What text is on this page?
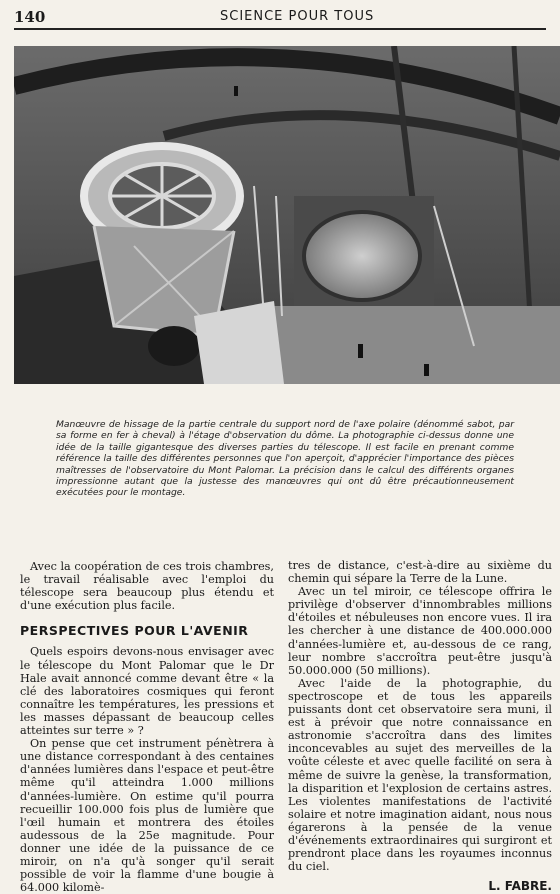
140	SCIENCE POUR TOUS
Manœuvre de hissage de la partie centrale du support nord de l'axe polaire (dénommé sabot, par sa forme en fer à cheval) à l'étage d'observation du dôme. La photographie ci-dessus donne une idée de la taille gigantesque des diverses parties du télescope. Il est facile en prenant comme référence la taille des différentes personnes que l'on aperçoit, d'apprécier l'importance des pièces maîtresses de l'observatoire du Mont Palomar. La précision dans le calcul des différents organes impressionne autant que la justesse des manœuvres qui ont dû être précautionneusement exécutées pour le montage.

Avec la coopération de ces trois chambres, le travail réalisable avec l'emploi du télescope sera beaucoup plus étendu et d'une exécution plus facile.

PERSPECTIVES POUR L'AVENIR

Quels espoirs devons-nous envisager avec le télescope du Mont Palomar que le Dr Hale avait annoncé comme devant être « la clé des laboratoires cosmiques qui feront connaître les températures, les pressions et les masses dépassant de beaucoup celles atteintes sur terre » ?

On pense que cet instrument pénètrera à une distance correspondant à des centaines d'années lumières dans l'espace et peut-être même qu'il atteindra 1.000 millions d'années-lumière. On estime qu'il pourra recueillir 100.000 fois plus de lumière que l'œil humain et montrera des étoiles audessous de la 25e magnitude. Pour donner une idée de la puissance de ce miroir, on n'a qu'à songer qu'il serait possible de voir la flamme d'une bougie à 64.000 kilomè-

tres de distance, c'est-à-dire au sixième du chemin qui sépare la Terre de la Lune.

Avec un tel miroir, ce télescope offrira le privilège d'observer d'innombrables millions d'étoiles et nébuleuses non encore vues. Il ira les chercher à une distance de 400.000.000 d'années-lumière et, au-dessous de ce rang, leur nombre s'accroîtra peut-être jusqu'à 50.000.000 (50 millions).

Avec l'aide de la photographie, du spectroscope et de tous les appareils puissants dont cet observatoire sera muni, il est à prévoir que notre connaissance en astronomie s'accroîtra dans des limites inconcevables au sujet des merveilles de la voûte céleste et avec quelle facilité on sera à même de suivre la genèse, la transformation, la disparition et l'explosion de certains astres. Les violentes manifestations de l'activité solaire et notre imagination aidant, nous nous égarerons à la pensée de la venue d'événements extraordinaires qui surgiront et prendront place dans les royaumes inconnus du ciel.

L. FABRE.
